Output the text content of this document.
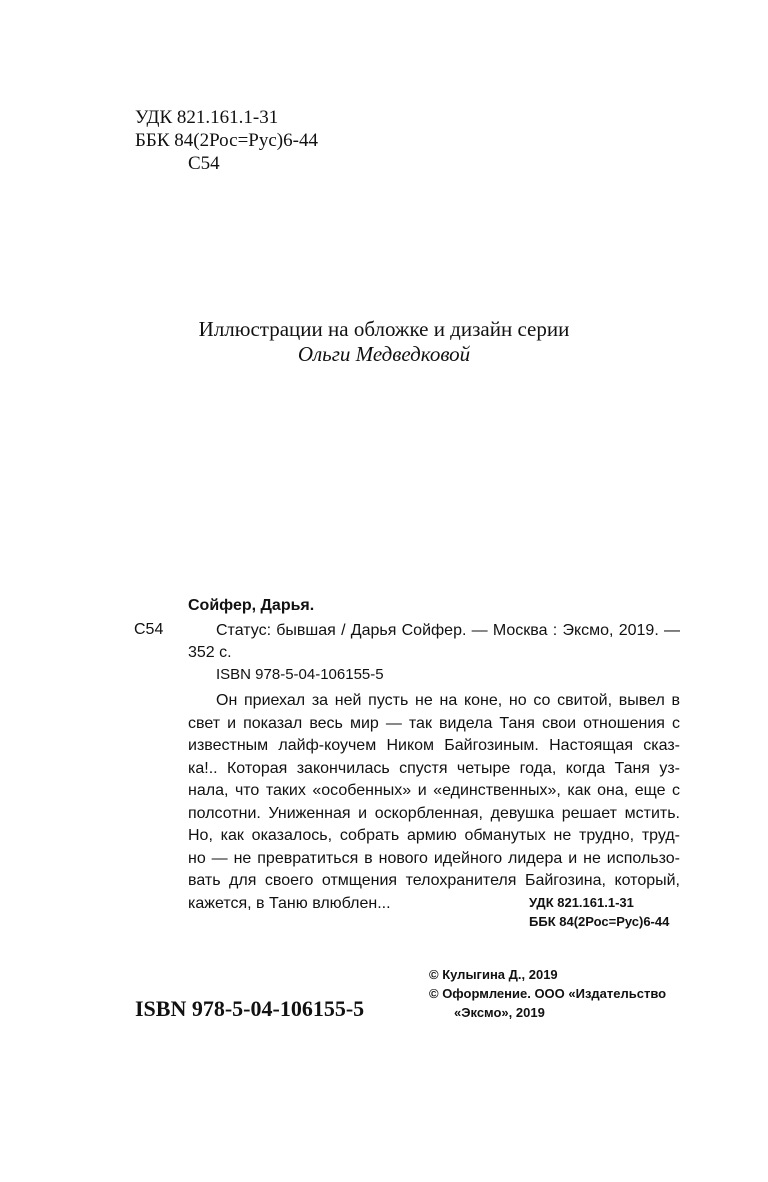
УДК 821.161.1-31
ББК 84(2Рос=Рус)6-44
С54
Иллюстрации на обложке и дизайн серии
Ольги Медведковой
Сойфер, Дарья.
С54	Статус: бывшая / Дарья Сойфер. — Москва : Эксмо, 2019. — 352 с.
ISBN 978-5-04-106155-5
Он приехал за ней пусть не на коне, но со свитой, вывел в
свет и показал весь мир — так видела Таня свои отношения с
известным лайф-коучем Ником Байгозиным. Настоящая сказ-
ка!.. Которая закончилась спустя четыре года, когда Таня уз-
нала, что таких «особенных» и «единственных», как она, еще с
полсотни. Униженная и оскорбленная, девушка решает мстить.
Но, как оказалось, собрать армию обманутых не трудно, труд-
но — не превратиться в нового идейного лидера и не использо-
вать для своего отмщения телохранителя Байгозина, который,
кажется, в Таню влюблен...	УДК 821.161.1-31
ББК 84(2Рос=Рус)6-44
ISBN 978-5-04-106155-5
© Кулыгина Д., 2019
© Оформление. ООО «Издательство
«Эксмо», 2019
